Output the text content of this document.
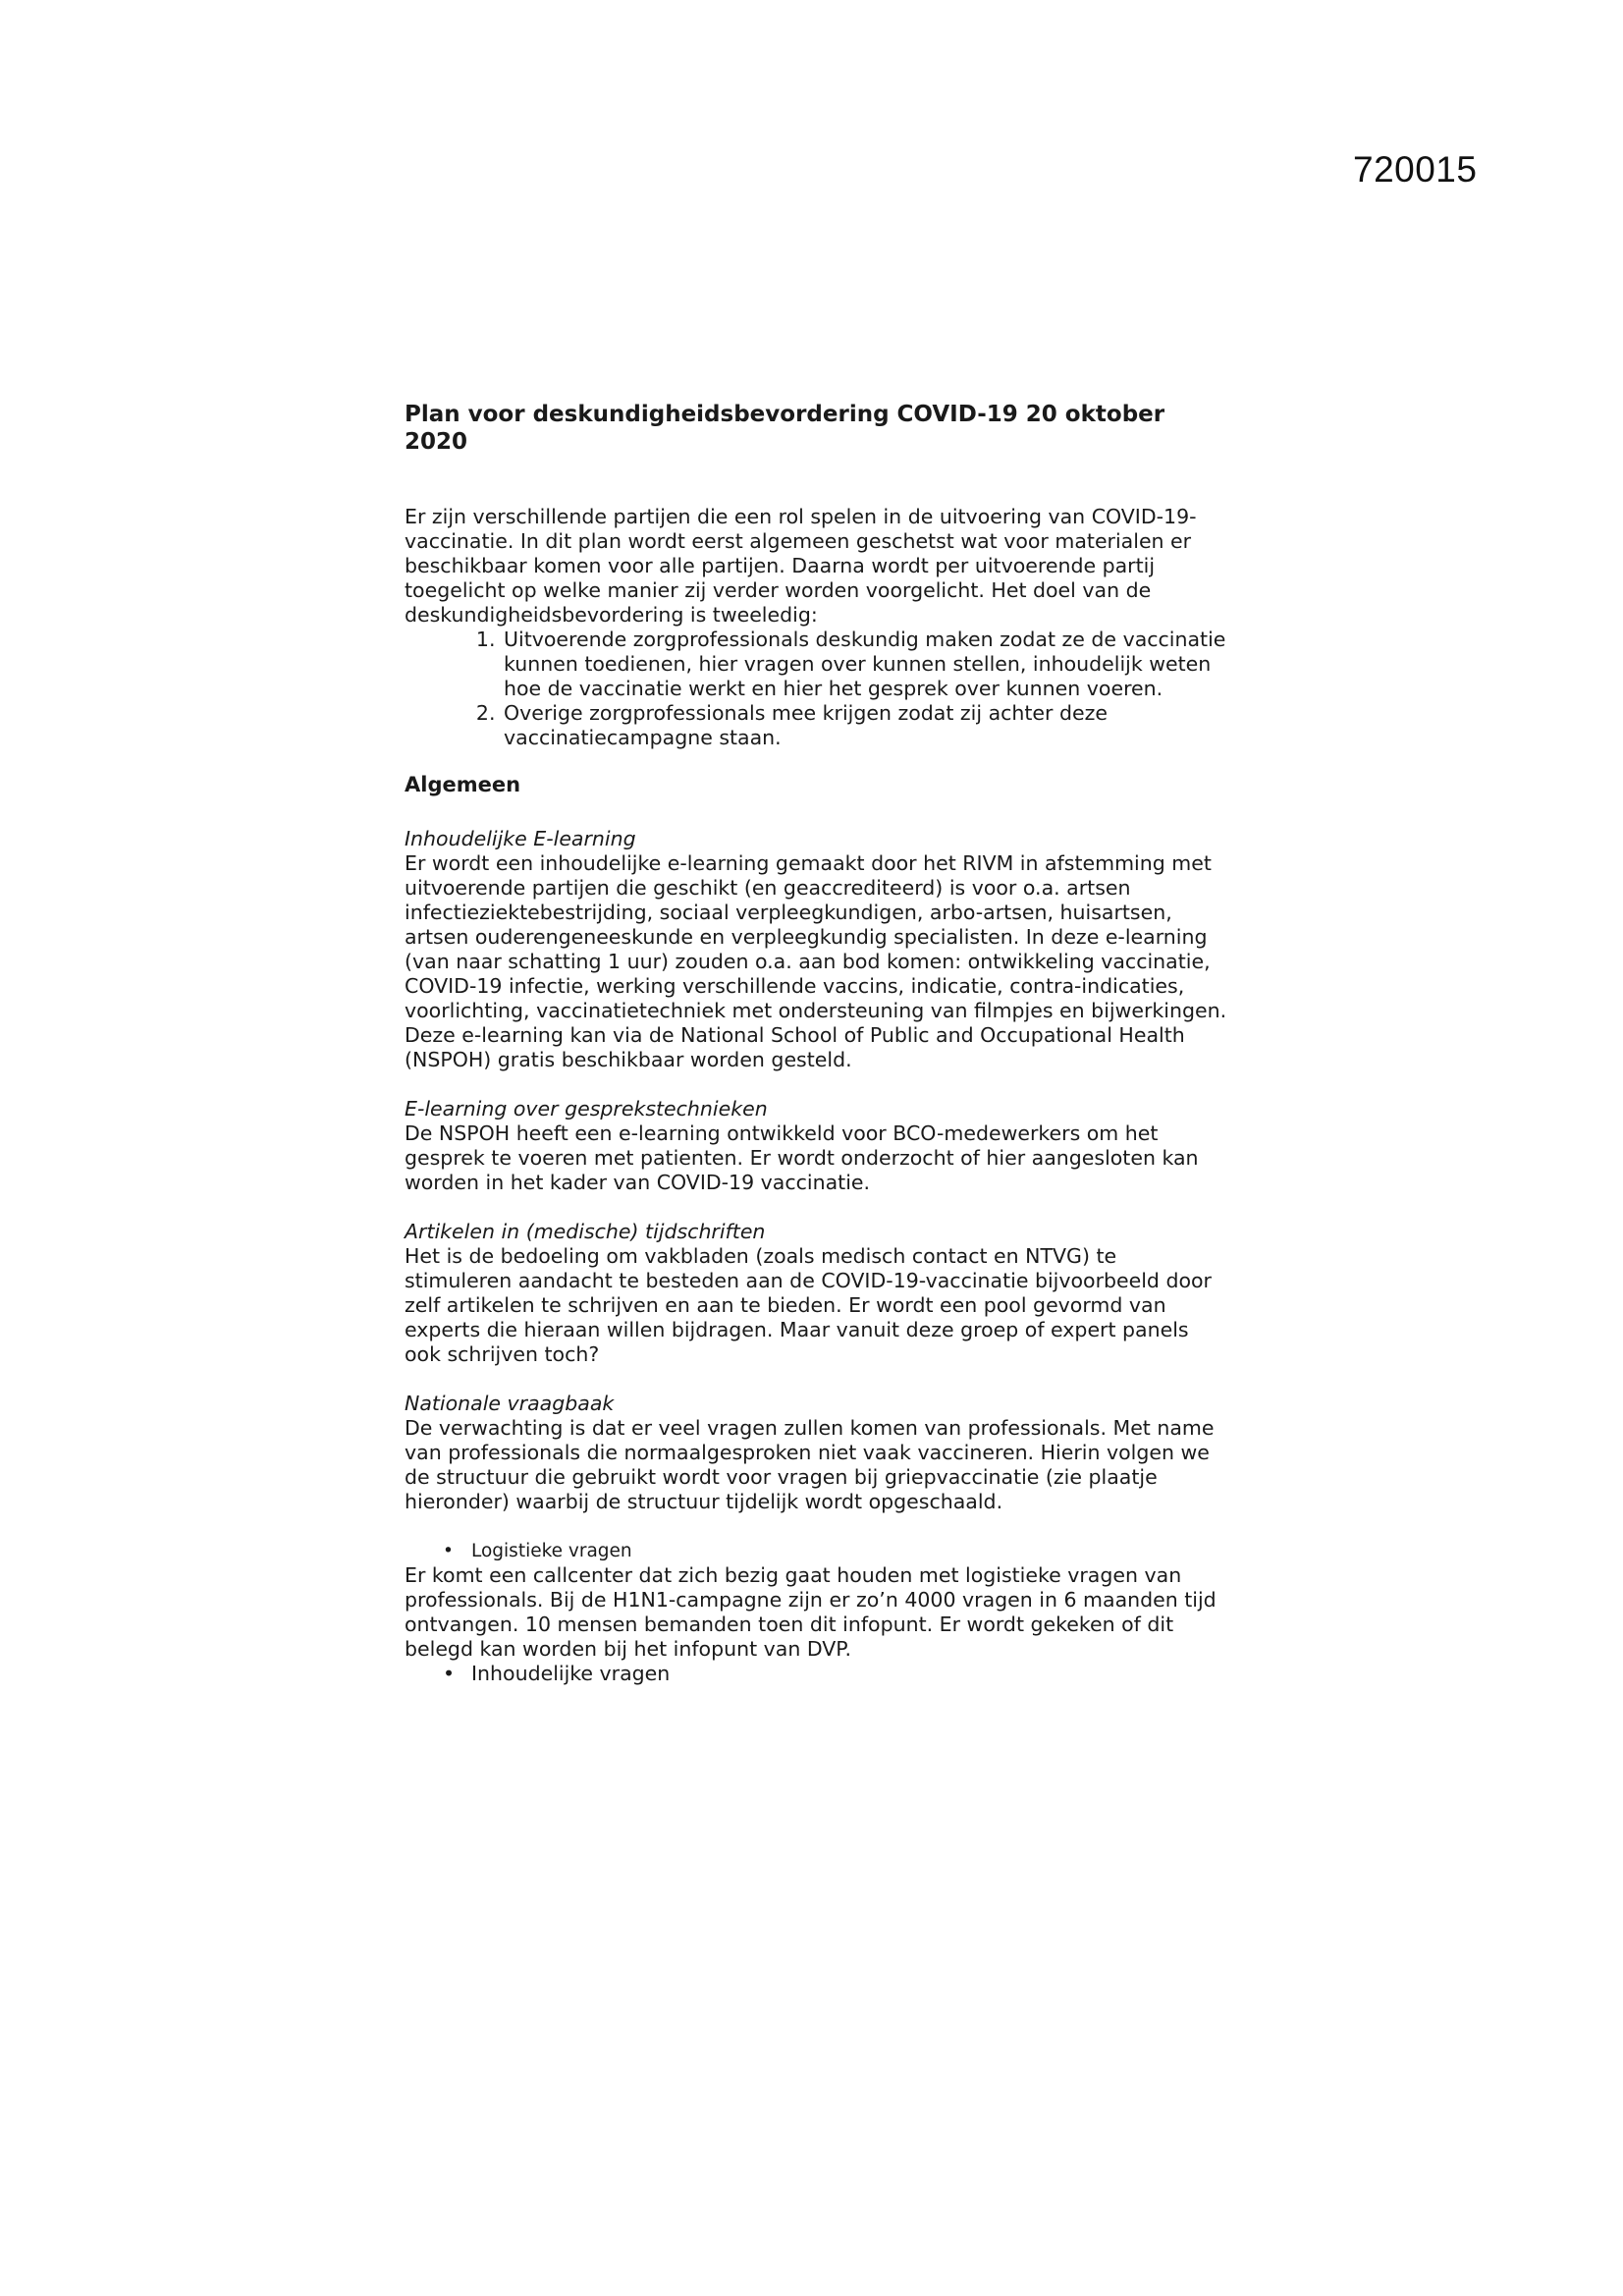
720015
Plan voor deskundigheidsbevordering COVID-19 20 oktober 2020

Er zijn verschillende partijen die een rol spelen in de uitvoering van COVID-19-vaccinatie. In dit plan wordt eerst algemeen geschetst wat voor materialen er beschikbaar komen voor alle partijen. Daarna wordt per uitvoerende partij toegelicht op welke manier zij verder worden voorgelicht. Het doel van de deskundigheidsbevordering is tweeledig:

1. Uitvoerende zorgprofessionals deskundig maken zodat ze de vaccinatie kunnen toedienen, hier vragen over kunnen stellen, inhoudelijk weten hoe de vaccinatie werkt en hier het gesprek over kunnen voeren.
2. Overige zorgprofessionals mee krijgen zodat zij achter deze vaccinatiecampagne staan.
Algemeen
Inhoudelijke E-learning

Er wordt een inhoudelijke e-learning gemaakt door het RIVM in afstemming met uitvoerende partijen die geschikt (en geaccrediteerd) is voor o.a. artsen infectieziektebestrijding, sociaal verpleegkundigen, arbo-artsen, huisartsen, artsen ouderengeneeskunde en verpleegkundig specialisten. In deze e-learning (van naar schatting 1 uur) zouden o.a. aan bod komen: ontwikkeling vaccinatie, COVID-19 infectie, werking verschillende vaccins, indicatie, contra-indicaties, voorlichting, vaccinatietechniek met ondersteuning van filmpjes en bijwerkingen. Deze e-learning kan via de National School of Public and Occupational Health (NSPOH) gratis beschikbaar worden gesteld.

E-learning over gesprekstechnieken

De NSPOH heeft een e-learning ontwikkeld voor BCO-medewerkers om het gesprek te voeren met patienten. Er wordt onderzocht of hier aangesloten kan worden in het kader van COVID-19 vaccinatie.

Artikelen in (medische) tijdschriften

Het is de bedoeling om vakbladen (zoals medisch contact en NTVG) te stimuleren aandacht te besteden aan de COVID-19-vaccinatie bijvoorbeeld door zelf artikelen te schrijven en aan te bieden. Er wordt een pool gevormd van experts die hieraan willen bijdragen. Maar vanuit deze groep of expert panels ook schrijven toch?

Nationale vraagbaak

De verwachting is dat er veel vragen zullen komen van professionals. Met name van professionals die normaalgesproken niet vaak vaccineren. Hierin volgen we de structuur die gebruikt wordt voor vragen bij griepvaccinatie (zie plaatje hieronder) waarbij de structuur tijdelijk wordt opgeschaald.

• Logistieke vragen

Er komt een callcenter dat zich bezig gaat houden met logistieke vragen van professionals. Bij de H1N1-campagne zijn er zo’n 4000 vragen in 6 maanden tijd ontvangen. 10 mensen bemanden toen dit infopunt. Er wordt gekeken of dit belegd kan worden bij het infopunt van DVP.

• Inhoudelijke vragen
